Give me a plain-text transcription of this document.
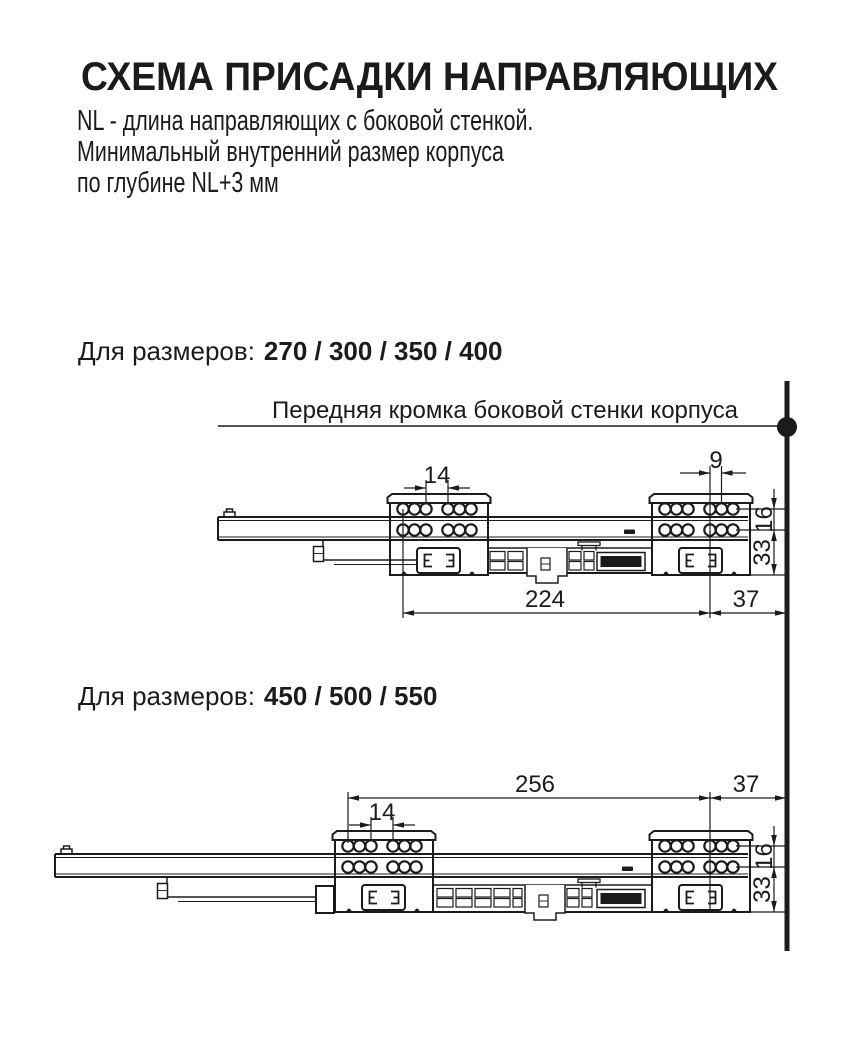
СХЕМА ПРИСАДКИ НАПРАВЛЯЮЩИХ
NL - длина направляющих с боковой стенкой.
Минимальный внутренний размер корпуса
по глубине NL+3 мм
Для размеров: 270 / 300 / 350 / 400
Для размеров: 450 / 500 / 550
Передняя кромка боковой стенки корпуса
BOYARD
14
9
16
33
224	37
BOYARD
256	37
14
16
33
